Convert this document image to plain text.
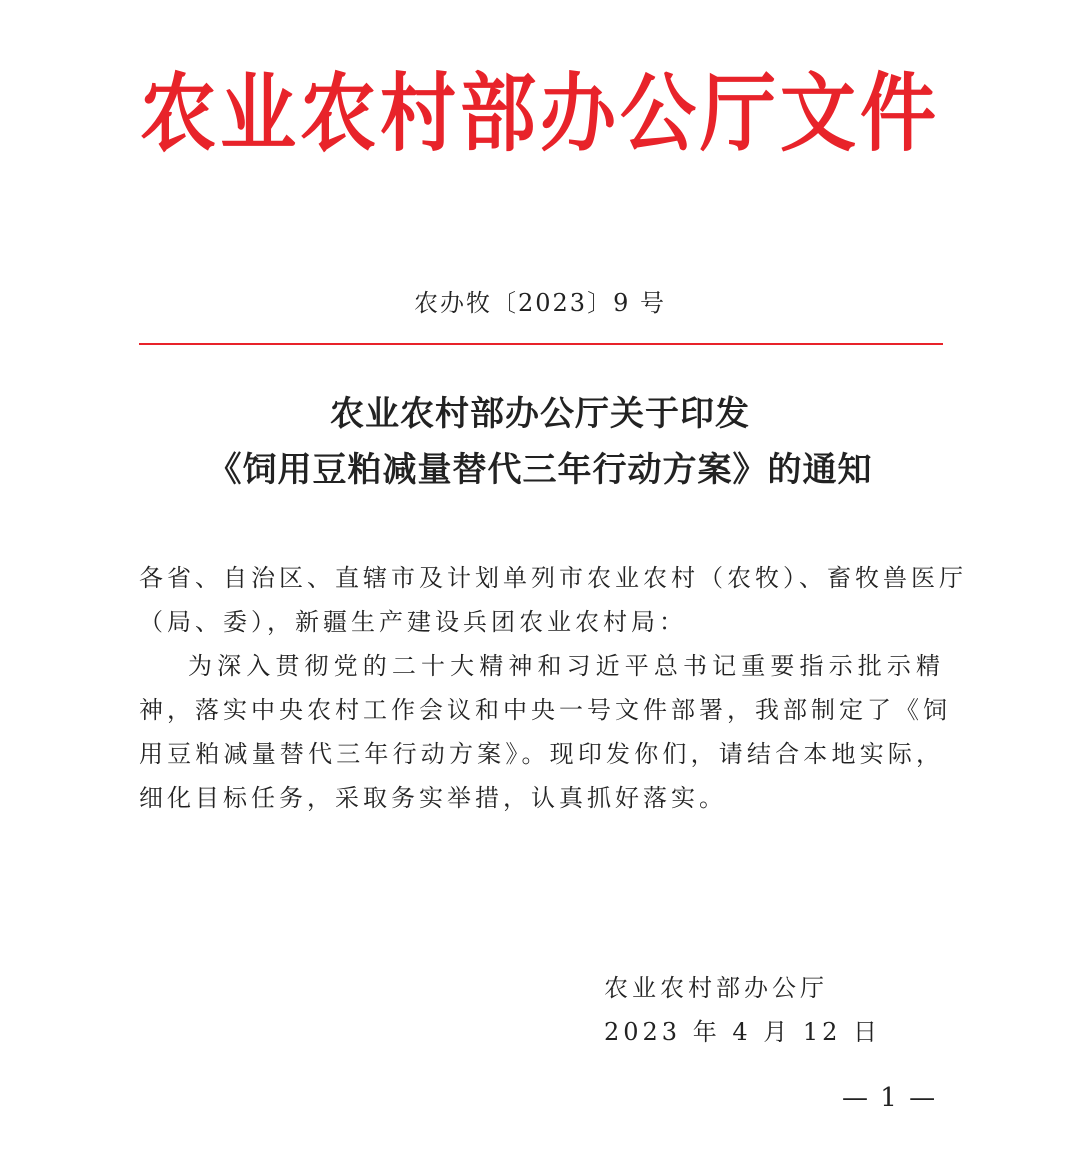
农业农村部办公厅文件
农办牧〔2023〕9 号
农业农村部办公厅关于印发
《饲用豆粕减量替代三年行动方案》的通知
各省、自治区、直辖市及计划单列市农业农村（农牧）、畜牧兽医厅
（局、委），新疆生产建设兵团农业农村局：
为深入贯彻党的二十大精神和习近平总书记重要指示批示精
神，落实中央农村工作会议和中央一号文件部署，我部制定了《饲
用豆粕减量替代三年行动方案》。现印发你们，请结合本地实际，
细化目标任务，采取务实举措，认真抓好落实。
农业农村部办公厅
2023 年 4 月 12 日
— 1 —
